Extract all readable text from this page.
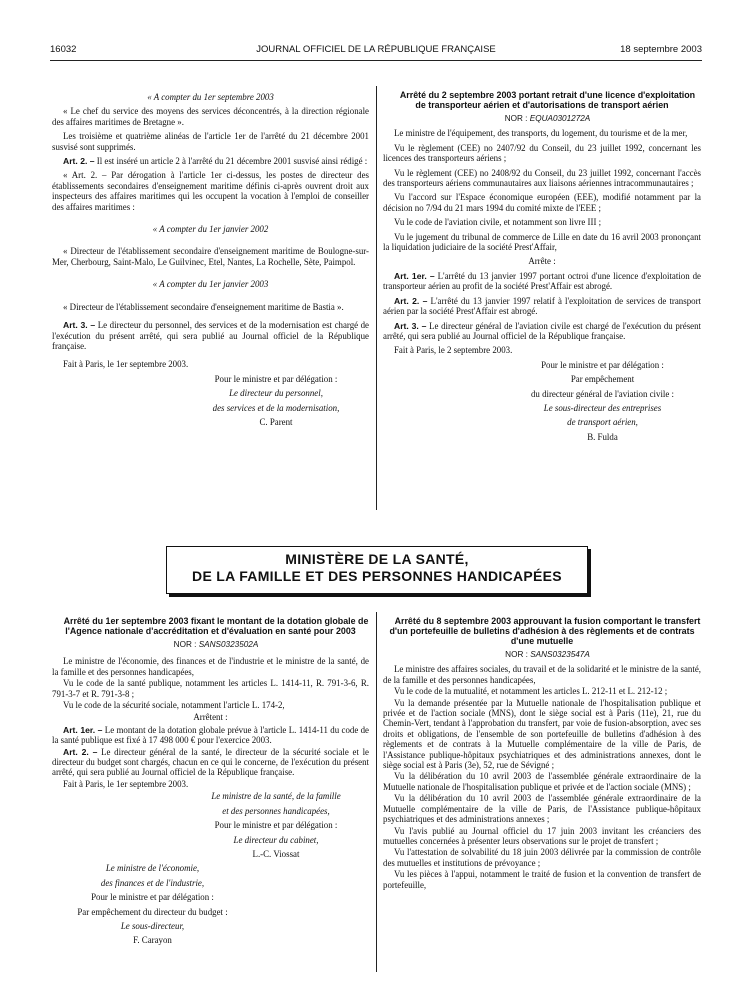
16032	JOURNAL OFFICIEL DE LA RÉPUBLIQUE FRANÇAISE	18 septembre 2003

« A compter du 1er septembre 2003

« Le chef du service des moyens des services déconcentrés, à la direction régionale des affaires maritimes de Bretagne ».

Les troisième et quatrième alinéas de l'article 1er de l'arrêté du 21 décembre 2001 susvisé sont supprimés.

Art. 2. – Il est inséré un article 2 à l'arrêté du 21 décembre 2001 susvisé ainsi rédigé :

« Art. 2. – Par dérogation à l'article 1er ci-dessus, les postes de directeur des établissements secondaires d'enseignement maritime définis ci-après ouvrent droit aux inspecteurs des affaires maritimes qui les occupent la vocation à l'emploi de conseiller des affaires maritimes :

« A compter du 1er janvier 2002

« Directeur de l'établissement secondaire d'enseignement maritime de Boulogne-sur-Mer, Cherbourg, Saint-Malo, Le Guilvinec, Etel, Nantes, La Rochelle, Sète, Paimpol.

« A compter du 1er janvier 2003

« Directeur de l'établissement secondaire d'enseignement maritime de Bastia ».

Art. 3. – Le directeur du personnel, des services et de la modernisation est chargé de l'exécution du présent arrêté, qui sera publié au Journal officiel de la République française.

Fait à Paris, le 1er septembre 2003.

Pour le ministre et par délégation :

Le directeur du personnel,

des services et de la modernisation,

C. Parent

Arrêté du 2 septembre 2003 portant retrait d'une licence d'exploitation de transporteur aérien et d'autorisations de transport aérien

NOR : EQUA0301272A

Le ministre de l'équipement, des transports, du logement, du tourisme et de la mer,

Vu le règlement (CEE) no 2407/92 du Conseil, du 23 juillet 1992, concernant les licences des transporteurs aériens ;

Vu le règlement (CEE) no 2408/92 du Conseil, du 23 juillet 1992, concernant l'accès des transporteurs aériens communautaires aux liaisons aériennes intracommunautaires ;

Vu l'accord sur l'Espace économique européen (EEE), modifié notamment par la décision no 7/94 du 21 mars 1994 du comité mixte de l'EEE ;

Vu le code de l'aviation civile, et notamment son livre III ;

Vu le jugement du tribunal de commerce de Lille en date du 16 avril 2003 prononçant la liquidation judiciaire de la société Prest'Affair,

Arrête :

Art. 1er. – L'arrêté du 13 janvier 1997 portant octroi d'une licence d'exploitation de transporteur aérien au profit de la société Prest'Affair est abrogé.

Art. 2. – L'arrêté du 13 janvier 1997 relatif à l'exploitation de services de transport aérien par la société Prest'Affair est abrogé.

Art. 3. – Le directeur général de l'aviation civile est chargé de l'exécution du présent arrêté, qui sera publié au Journal officiel de la République française.

Fait à Paris, le 2 septembre 2003.

Pour le ministre et par délégation :

Par empêchement

du directeur général de l'aviation civile :

Le sous-directeur des entreprises

de transport aérien,

B. Fulda

MINISTÈRE DE LA SANTÉ,
DE LA FAMILLE ET DES PERSONNES HANDICAPÉES

Arrêté du 1er septembre 2003 fixant le montant de la dotation globale de l'Agence nationale d'accréditation et d'évaluation en santé pour 2003

NOR : SANS0323502A

Le ministre de l'économie, des finances et de l'industrie et le ministre de la santé, de la famille et des personnes handicapées,

Vu le code de la santé publique, notamment les articles L. 1414-11, R. 791-3-6, R. 791-3-7 et R. 791-3-8 ;

Vu le code de la sécurité sociale, notamment l'article L. 174-2,

Arrêtent :

Art. 1er. – Le montant de la dotation globale prévue à l'article L. 1414-11 du code de la santé publique est fixé à 17 498 000 € pour l'exercice 2003.

Art. 2. – Le directeur général de la santé, le directeur de la sécurité sociale et le directeur du budget sont chargés, chacun en ce qui le concerne, de l'exécution du présent arrêté, qui sera publié au Journal officiel de la République française.

Fait à Paris, le 1er septembre 2003.

Le ministre de la santé, de la famille

et des personnes handicapées,

Pour le ministre et par délégation :

Le directeur du cabinet,

L.-C. Viossat

Le ministre de l'économie,

des finances et de l'industrie,

Pour le ministre et par délégation :

Par empêchement du directeur du budget :

Le sous-directeur,

F. Carayon

Arrêté du 8 septembre 2003 approuvant la fusion comportant le transfert d'un portefeuille de bulletins d'adhésion à des règlements et de contrats d'une mutuelle

NOR : SANS0323547A

Le ministre des affaires sociales, du travail et de la solidarité et le ministre de la santé, de la famille et des personnes handicapées,

Vu le code de la mutualité, et notamment les articles L. 212-11 et L. 212-12 ;

Vu la demande présentée par la Mutuelle nationale de l'hospitalisation publique et privée et de l'action sociale (MNS), dont le siège social est à Paris (11e), 21, rue du Chemin-Vert, tendant à l'approbation du transfert, par voie de fusion-absorption, avec ses droits et obligations, de l'ensemble de son portefeuille de bulletins d'adhésion à des règlements et de contrats à la Mutuelle complémentaire de la ville de Paris, de l'Assistance publique-hôpitaux psychiatriques et des administrations annexes, dont le siège social est à Paris (3e), 52, rue de Sévigné ;

Vu la délibération du 10 avril 2003 de l'assemblée générale extraordinaire de la Mutuelle nationale de l'hospitalisation publique et privée et de l'action sociale (MNS) ;

Vu la délibération du 10 avril 2003 de l'assemblée générale extraordinaire de la Mutuelle complémentaire de la ville de Paris, de l'Assistance publique-hôpitaux psychiatriques et des administrations annexes ;

Vu l'avis publié au Journal officiel du 17 juin 2003 invitant les créanciers des mutuelles concernées à présenter leurs observations sur le projet de transfert ;

Vu l'attestation de solvabilité du 18 juin 2003 délivrée par la commission de contrôle des mutuelles et institutions de prévoyance ;

Vu les pièces à l'appui, notamment le traité de fusion et la convention de transfert de portefeuille,
